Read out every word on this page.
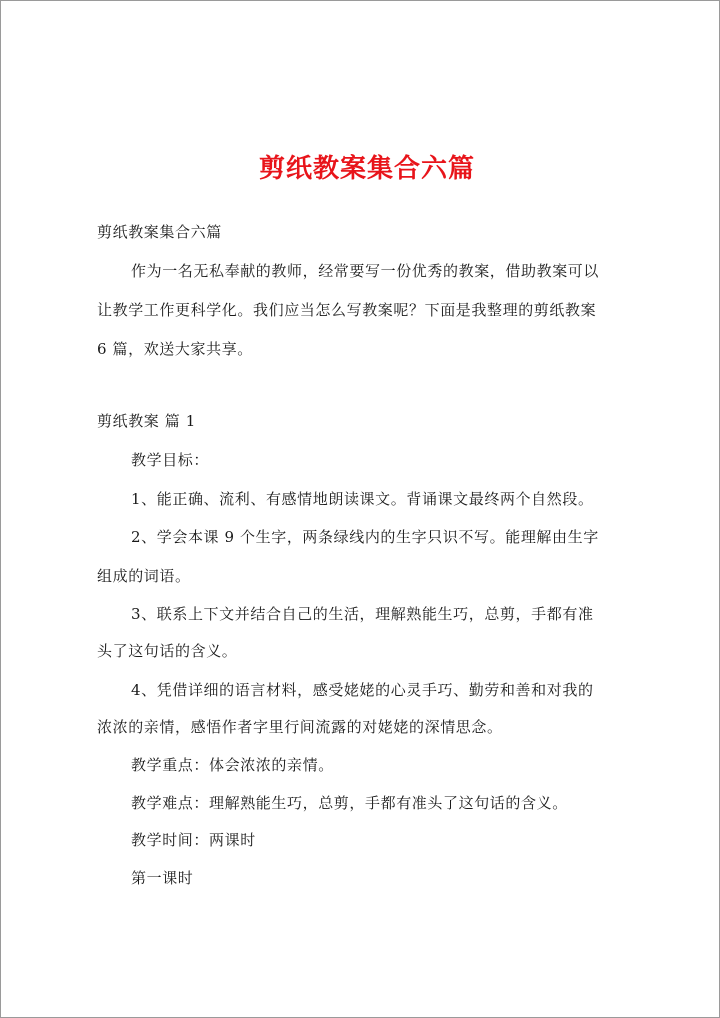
剪纸教案集合六篇
剪纸教案集合六篇
作为一名无私奉献的教师，经常要写一份优秀的教案，借助教案可以
让教学工作更科学化。我们应当怎么写教案呢？下面是我整理的剪纸教案
6 篇，欢送大家共享。
剪纸教案 篇 1
教学目标：
1、能正确、流利、有感情地朗读课文。背诵课文最终两个自然段。
2、学会本课 9 个生字，两条绿线内的生字只识不写。能理解由生字
组成的词语。
3、联系上下文并结合自己的生活，理解熟能生巧，总剪，手都有准
头了这句话的含义。
4、凭借详细的语言材料，感受姥姥的心灵手巧、勤劳和善和对我的
浓浓的亲情，感悟作者字里行间流露的对姥姥的深情思念。
教学重点：体会浓浓的亲情。
教学难点：理解熟能生巧，总剪，手都有准头了这句话的含义。
教学时间：两课时
第一课时
